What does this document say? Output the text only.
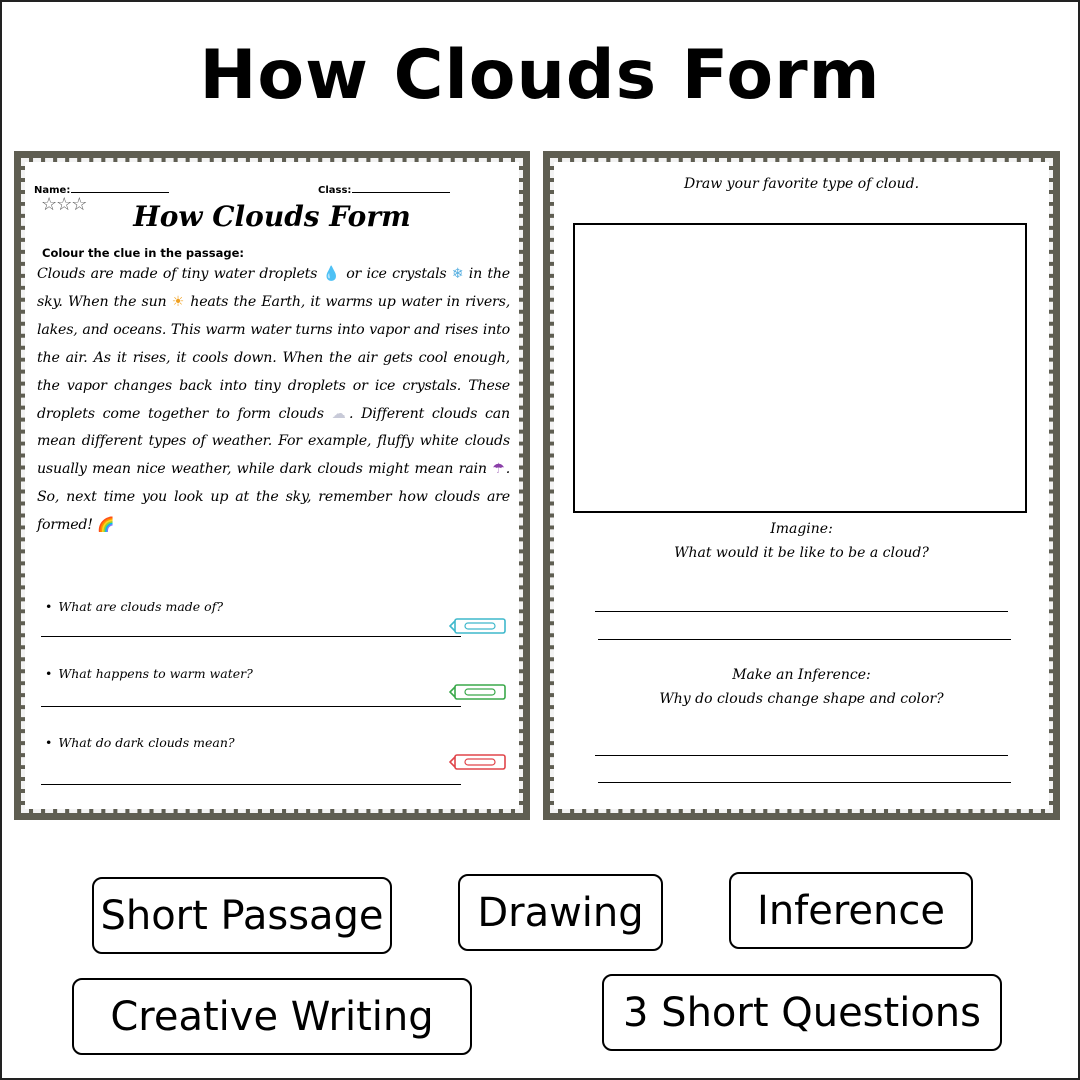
How Clouds Form
Name:	Class:
☆☆☆	How Clouds Form
Colour the clue in the passage:
Clouds are made of tiny water droplets 💧 or ice crystals ❄ in the sky. When the sun ☀ heats the Earth, it warms up water in rivers, lakes, and oceans. This warm water turns into vapor and rises into the air. As it rises, it cools down. When the air gets cool enough, the vapor changes back into tiny droplets or ice crystals. These droplets come together to form clouds ☁. Different clouds can mean different types of weather. For example, fluffy white clouds usually mean nice weather, while dark clouds might mean rain ☂. So, next time you look up at the sky, remember how clouds are formed! 🌈
• What are clouds made of?
• What happens to warm water?
• What do dark clouds mean?
Draw your favorite type of cloud.
Imagine:
What would it be like to be a cloud?
Make an Inference:
Why do clouds change shape and color?
Short Passage	Drawing	Inference
Creative Writing	3 Short Questions
